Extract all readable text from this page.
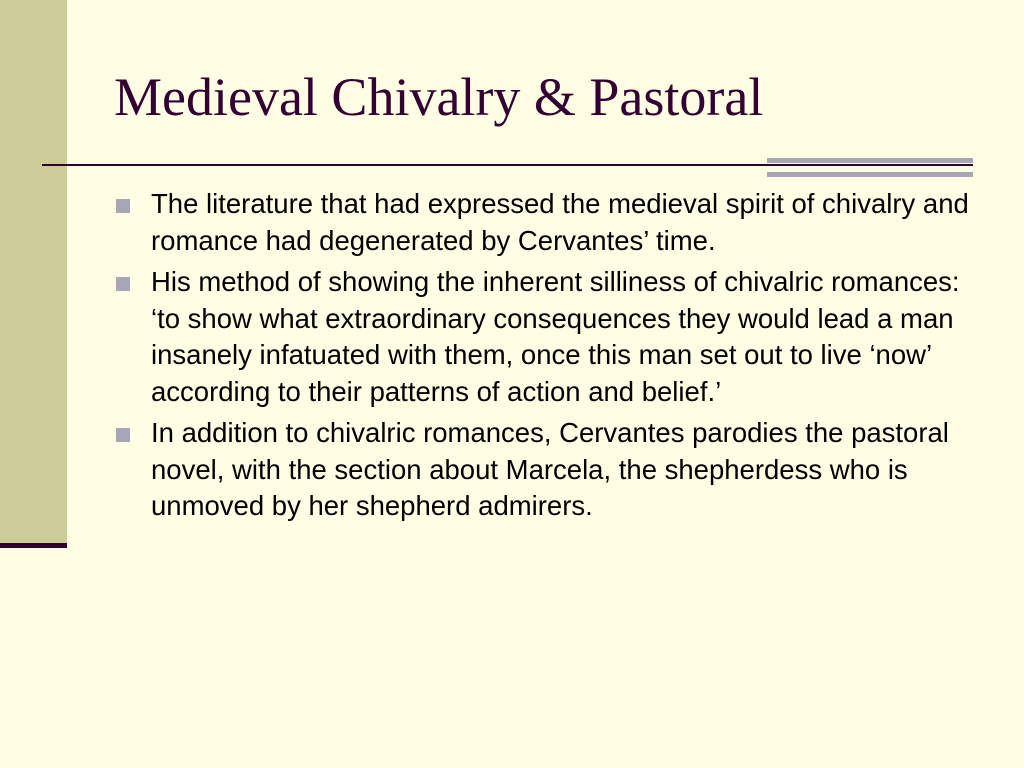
Medieval Chivalry & Pastoral
The literature that had expressed the medieval spirit of chivalry and romance had degenerated by Cervantes’ time.
His method of showing the inherent silliness of chivalric romances: ‘to show what extraordinary consequences they would lead a man insanely infatuated with them, once this man set out to live ‘now’ according to their patterns of action and belief.’
In addition to chivalric romances, Cervantes parodies the pastoral novel, with the section about Marcela, the shepherdess who is unmoved by her shepherd admirers.
